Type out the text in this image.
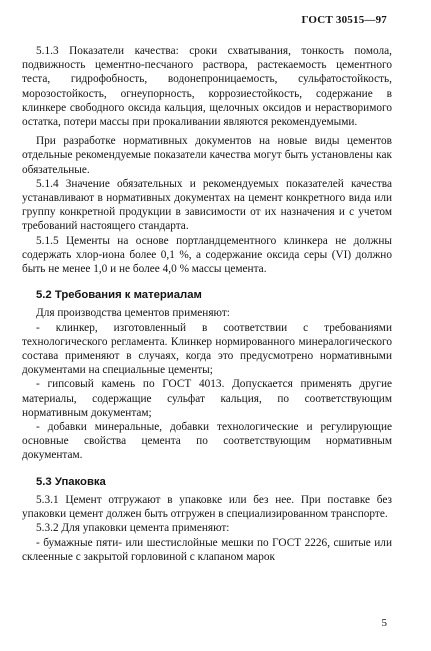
ГОСТ 30515—97

5.1.3 Показатели качества: сроки схватывания, тонкость помола, подвижность цементно-песчаного раствора, растекаемость цементного теста, гидрофобность, водонепроницаемость, сульфатостойкость, морозостойкость, огнеупорность, коррозиестойкость, содержание в клинкере свободного оксида кальция, щелочных оксидов и нерастворимого остатка, потери массы при прокаливании являются рекомендуемыми.

При разработке нормативных документов на новые виды цементов отдельные рекомендуемые показатели качества могут быть установлены как обязательные.

5.1.4 Значение обязательных и рекомендуемых показателей качества устанавливают в нормативных документах на цемент конкретного вида или группу конкретной продукции в зависимости от их назначения и с учетом требований настоящего стандарта.

5.1.5 Цементы на основе портландцементного клинкера не должны содержать хлор-иона более 0,1 %, а содержание оксида серы (VI) должно быть не менее 1,0 и не более 4,0 % массы цемента.

5.2 Требования к материалам

Для производства цементов применяют:

- клинкер, изготовленный в соответствии с требованиями технологического регламента. Клинкер нормированного минералогического состава применяют в случаях, когда это предусмотрено нормативными документами на специальные цементы;

- гипсовый камень по ГОСТ 4013. Допускается применять другие материалы, содержащие сульфат кальция, по соответствующим нормативным документам;

- добавки минеральные, добавки технологические и регулирующие основные свойства цемента по соответствующим нормативным документам.

5.3 Упаковка

5.3.1 Цемент отгружают в упаковке или без нее. При поставке без упаковки цемент должен быть отгружен в специализированном транспорте.

5.3.2 Для упаковки цемента применяют:

- бумажные пяти- или шестислойные мешки по ГОСТ 2226, сшитые или склеенные с закрытой горловиной с клапаном марок

5
